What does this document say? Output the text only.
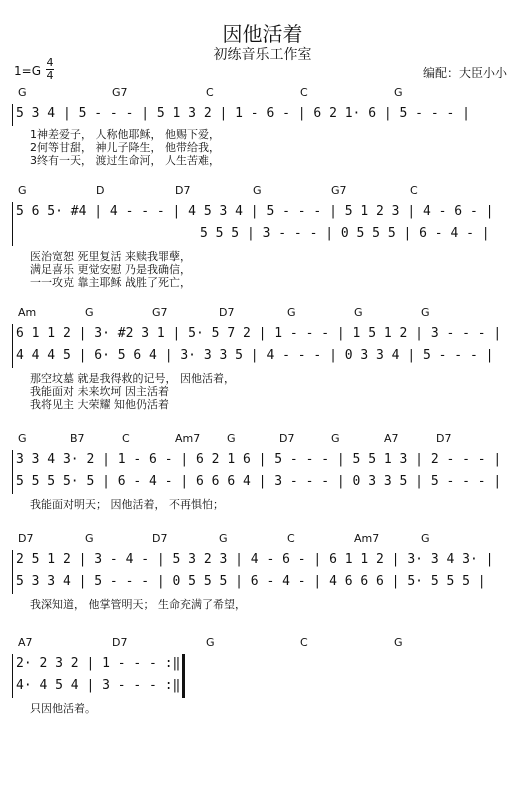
因他活着
初练音乐工作室
1=G
4
4	编配：大臣小小
G	G7	C	C	G
5 3 4 | 5 - - - | 5 1 3 2 | 1 - 6 - | 6 2 1· 6 | 5 - - - |
1神差爱子， 人称他耶稣， 他赐下爱，
2何等甘甜， 神儿子降生， 他带给我，
3终有一天， 渡过生命河， 人生苦难，
G	D	D7	G	G7	C
5 6 5· #4 | 4 - - - | 4 5 3 4 | 5 - - - | 5 1 2 3 | 4 - 6 - |
5 5 5 | 3 - - - | 0 5 5 5 | 6 - 4 - |
医治宽恕 死里复活 来赎我罪孽，
满足喜乐 更觉安慰 乃是我确信，
一一攻克 靠主耶稣 战胜了死亡，
Am	G	G7	D7	G	G	G
6 1 1 2 | 3· #2 3 1 | 5· 5 7 2 | 1 - - - | 1 5 1 2 | 3 - - - |
4 4 4 5 | 6· 5 6 4 | 3· 3 3 5 | 4 - - - | 0 3 3 4 | 5 - - - |
那空坟墓 就是我得救的记号， 因他活着，
我能面对 未来坎坷 因主活着
我将见主 大荣耀 知他仍活着
G	B7	C	Am7 G	D7	G	A7	D7
3 3 4 3· 2 | 1 - 6 - | 6 2 1 6 | 5 - - - | 5 5 1 3 | 2 - - - |
5 5 5 5· 5 | 6 - 4 - | 6 6 6 4 | 3 - - - | 0 3 3 5 | 5 - - - |
我能面对明天； 因他活着， 不再惧怕；
D7	G	D7	G	C	Am7	G
2 5 1 2 | 3 - 4 - | 5 3 2 3 | 4 - 6 - | 6 1 1 2 | 3· 3 4 3· |
5 3 3 4 | 5 - - - | 0 5 5 5 | 6 - 4 - | 4 6 6 6 | 5· 5 5 5 |
我深知道， 他掌管明天； 生命充满了希望，
A7	D7	G	C	G
2· 2 3 2 | 1 - - - :‖
4· 4 5 4 | 3 - - - :‖
只因他活着。
